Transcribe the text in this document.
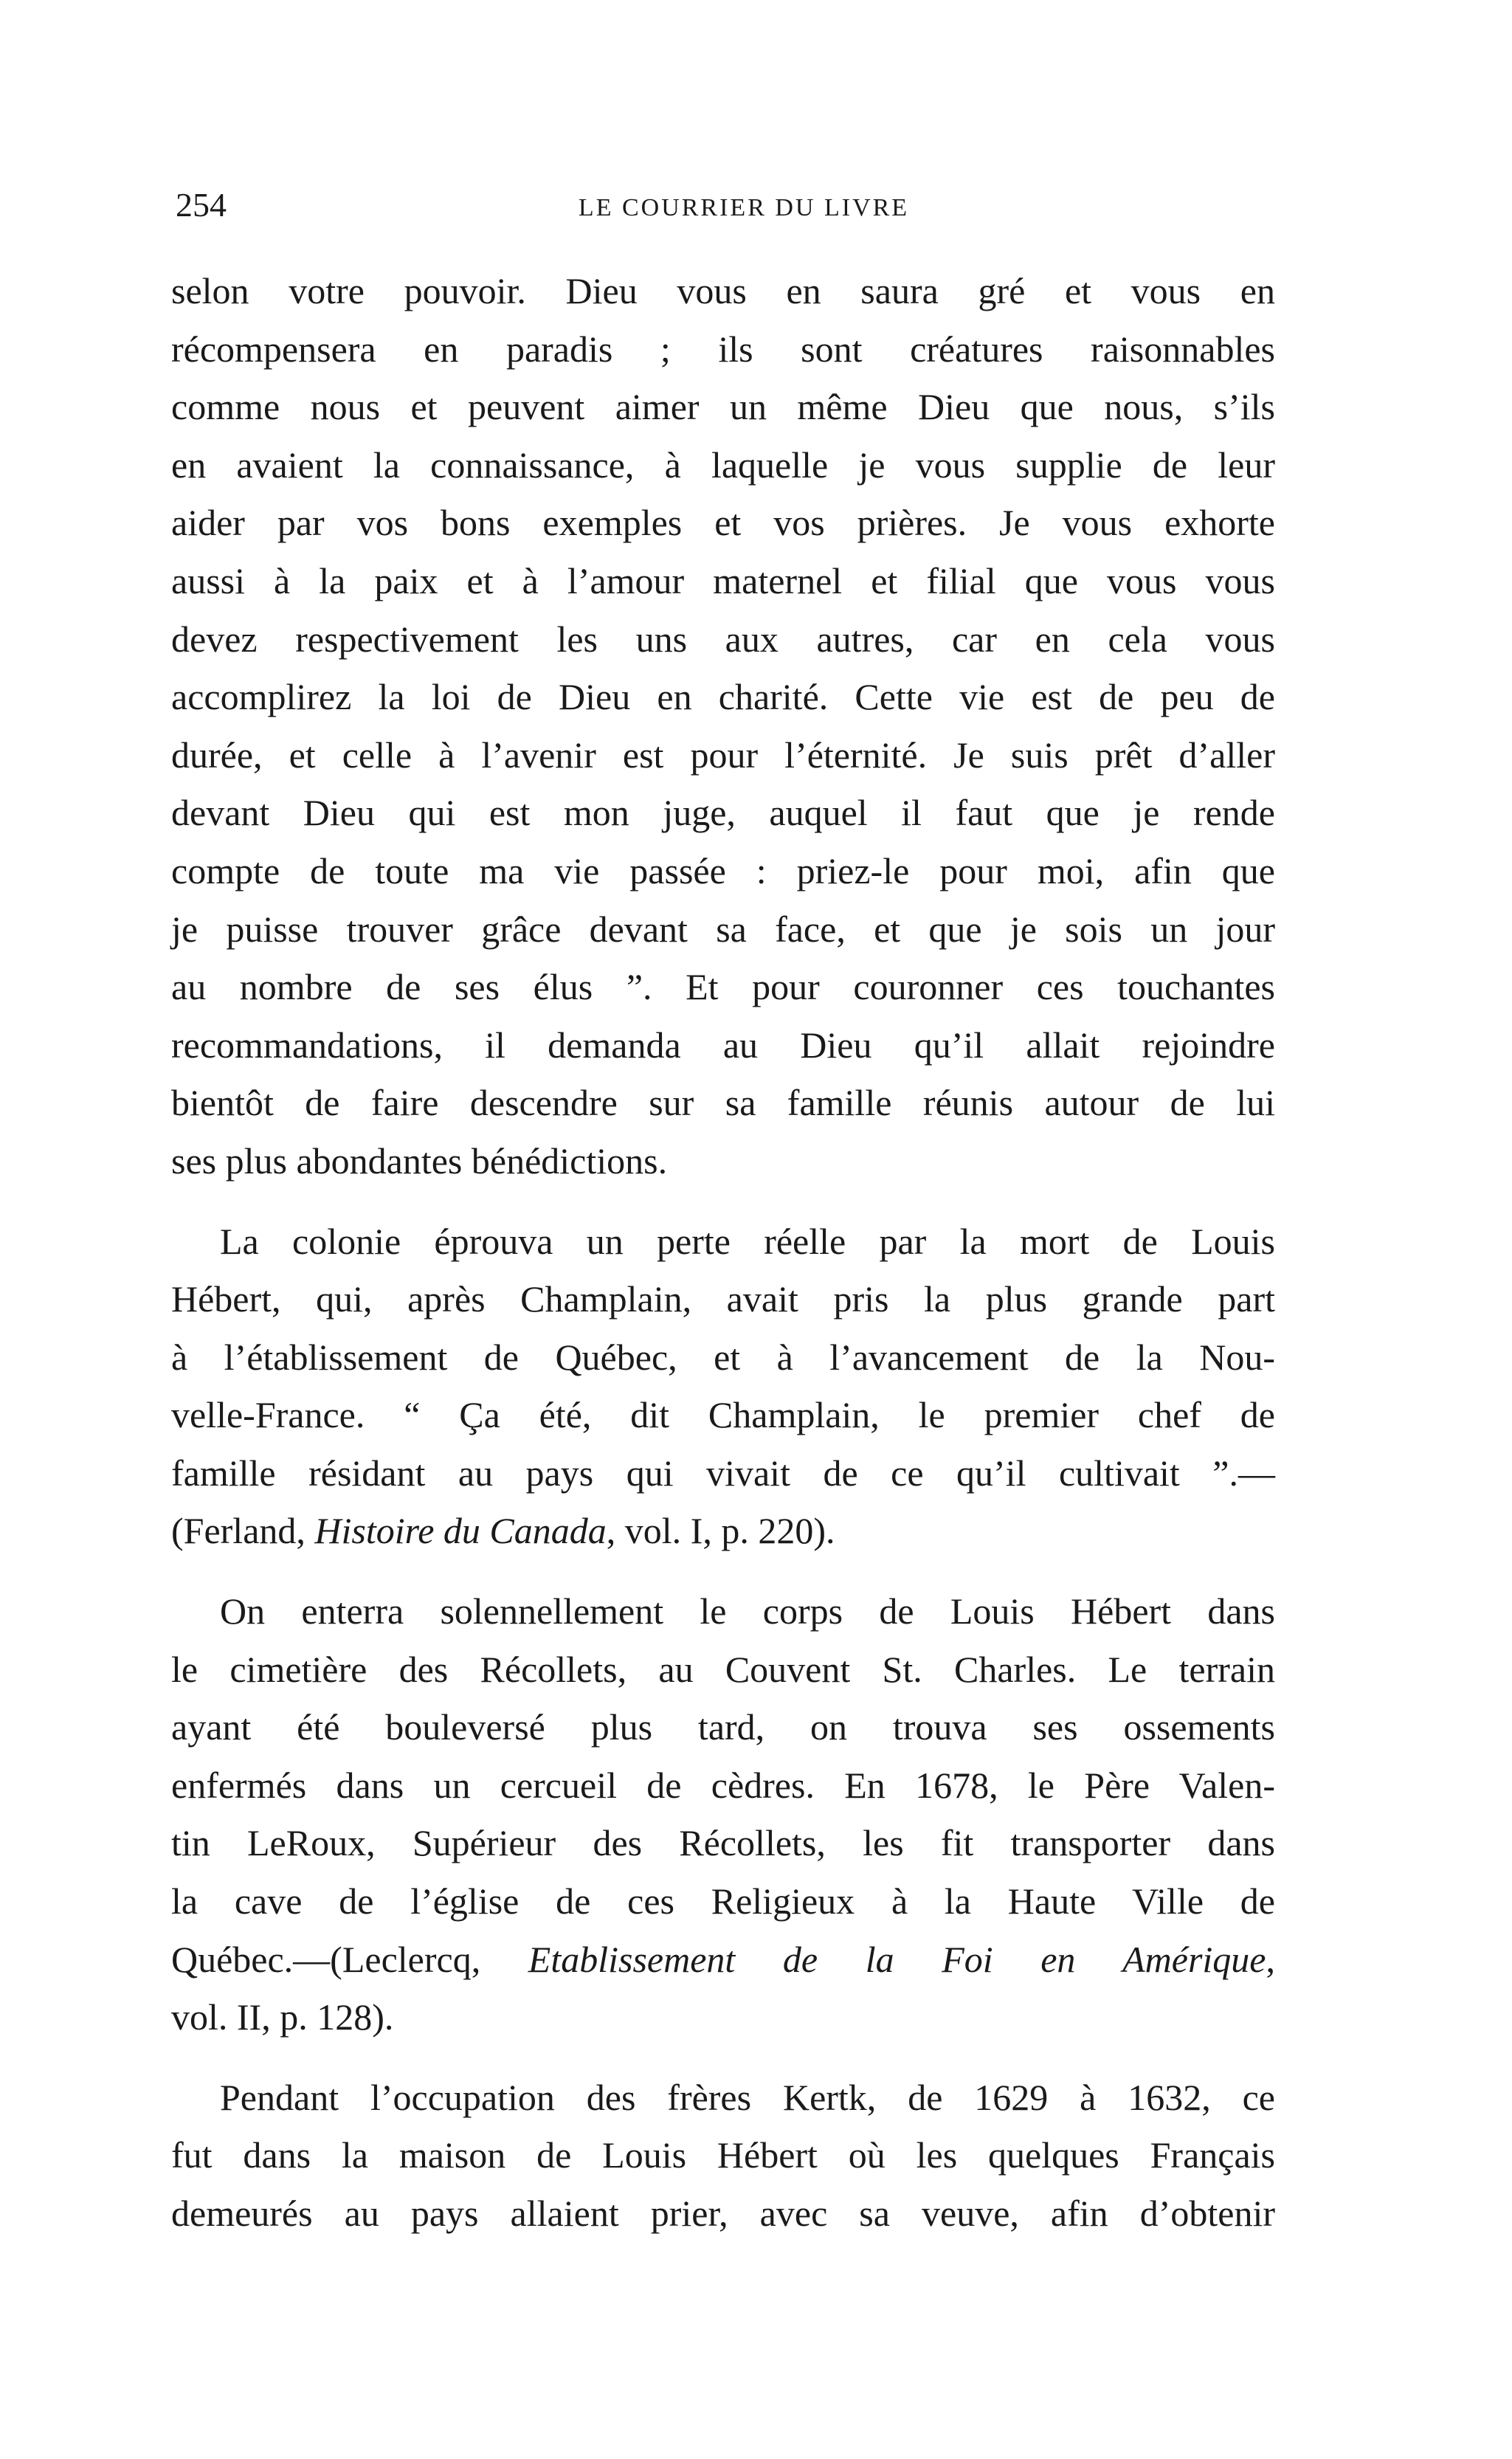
254	LE COURRIER DU LIVRE
selon votre pouvoir. Dieu vous en saura gré et vous en
récompensera en paradis ; ils sont créatures raisonnables
comme nous et peuvent aimer un même Dieu que nous, s’ils
en avaient la connaissance, à laquelle je vous supplie de leur
aider par vos bons exemples et vos prières. Je vous exhorte
aussi à la paix et à l’amour maternel et filial que vous vous
devez respectivement les uns aux autres, car en cela vous
accomplirez la loi de Dieu en charité. Cette vie est de peu de
durée, et celle à l’avenir est pour l’éternité. Je suis prêt d’aller
devant Dieu qui est mon juge, auquel il faut que je rende
compte de toute ma vie passée : priez-le pour moi, afin que
je puisse trouver grâce devant sa face, et que je sois un jour
au nombre de ses élus ”. Et pour couronner ces touchantes
recommandations, il demanda au Dieu qu’il allait rejoindre
bientôt de faire descendre sur sa famille réunis autour de lui
ses plus abondantes bénédictions.
La colonie éprouva un perte réelle par la mort de Louis
Hébert, qui, après Champlain, avait pris la plus grande part
à l’établissement de Québec, et à l’avancement de la Nou-
velle-France. “ Ça été, dit Champlain, le premier chef de
famille résidant au pays qui vivait de ce qu’il cultivait ”.—
(Ferland, Histoire du Canada, vol. I, p. 220).
On enterra solennellement le corps de Louis Hébert dans
le cimetière des Récollets, au Couvent St. Charles. Le terrain
ayant été bouleversé plus tard, on trouva ses ossements
enfermés dans un cercueil de cèdres. En 1678, le Père Valen-
tin LeRoux, Supérieur des Récollets, les fit transporter dans
la cave de l’église de ces Religieux à la Haute Ville de
Québec.—(Leclercq, Etablissement de la Foi en Amérique,
vol. II, p. 128).
Pendant l’occupation des frères Kertk, de 1629 à 1632, ce
fut dans la maison de Louis Hébert où les quelques Français
demeurés au pays allaient prier, avec sa veuve, afin d’obtenir
